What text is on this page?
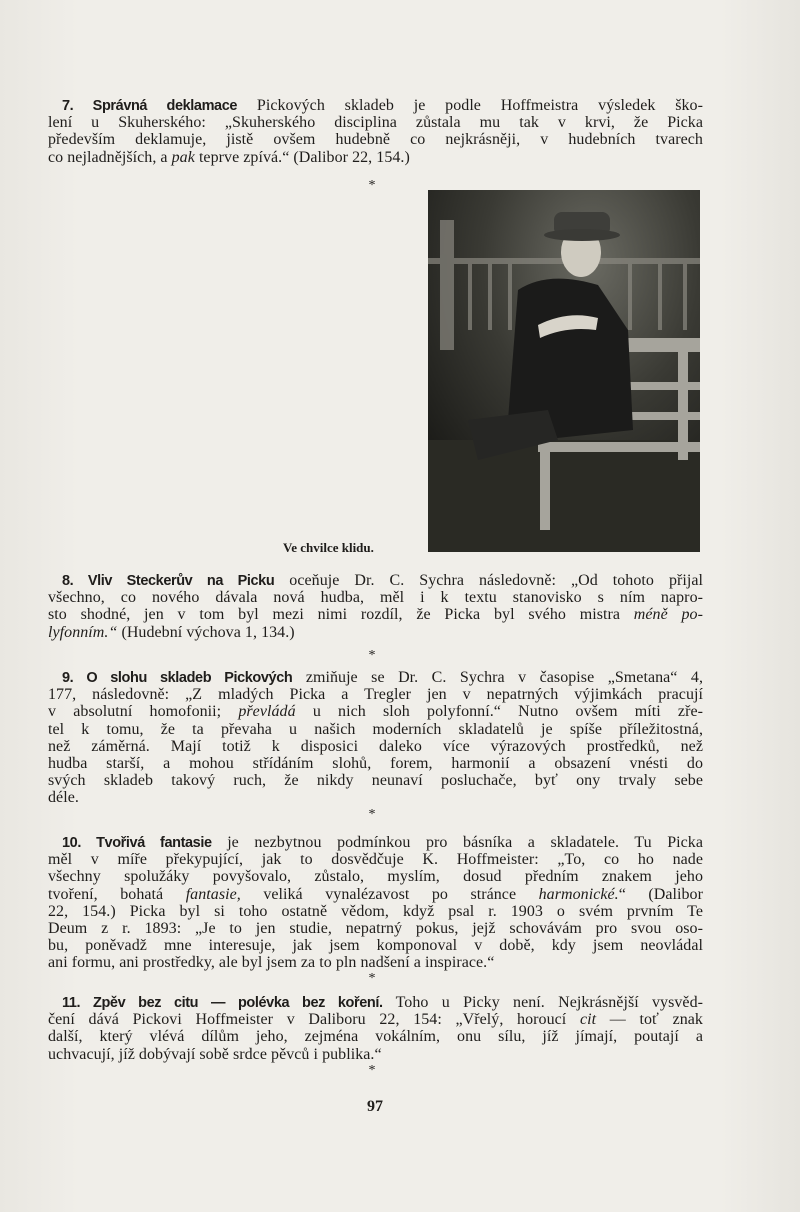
7. Správná deklamace Pickových skladeb je podle Hoffmeistra výsledek ško-
lení u Skuherského: „Skuherského disciplina zůstala mu tak v krvi, že Picka
především deklamuje, jistě ovšem hudebně co nejkrásněji, v hudebních tvarech
co nejladnějších, a pak teprve zpívá.“ (Dalibor 22, 154.)
*
Ve chvilce klidu.
8. Vliv Steckerův na Picku oceňuje Dr. C. Sychra následovně: „Od tohoto přijal
všechno, co nového dávala nová hudba, měl i k textu stanovisko s ním napro-
sto shodné, jen v tom byl mezi nimi rozdíl, že Picka byl svého mistra méně po-
lyfonním.“ (Hudební výchova 1, 134.)
*
9. O slohu skladeb Pickových zmiňuje se Dr. C. Sychra v časopise „Smetana“ 4,
177, následovně: „Z mladých Picka a Tregler jen v nepatrných výjimkách pracují
v absolutní homofonii; převládá u nich sloh polyfonní.“ Nutno ovšem míti zře-
tel k tomu, že ta převaha u našich moderních skladatelů je spíše příležitostná,
než záměrná. Mají totiž k disposici daleko více výrazových prostředků, než
hudba starší, a mohou střídáním slohů, forem, harmonií a obsazení vnésti do
svých skladeb takový ruch, že nikdy neunaví posluchače, byť ony trvaly sebe
déle.
*
10. Tvořivá fantasie je nezbytnou podmínkou pro básníka a skladatele. Tu Picka
měl v míře překypující, jak to dosvědčuje K. Hoffmeister: „To, co ho nade
všechny spolužáky povyšovalo, zůstalo, myslím, dosud předním znakem jeho
tvoření, bohatá fantasie, veliká vynalézavost po stránce harmonické.“ (Dalibor
22, 154.) Picka byl si toho ostatně vědom, když psal r. 1903 o svém prvním Te
Deum z r. 1893: „Je to jen studie, nepatrný pokus, jejž schovávám pro svou oso-
bu, poněvadž mne interesuje, jak jsem komponoval v době, kdy jsem neovládal
ani formu, ani prostředky, ale byl jsem za to pln nadšení a inspirace.“
*
11. Zpěv bez citu — polévka bez koření. Toho u Picky není. Nejkrásnější vysvěd-
čení dává Pickovi Hoffmeister v Daliboru 22, 154: „Vřelý, horoucí cit — toť znak
další, který vlévá dílům jeho, zejména vokálním, onu sílu, jíž jímají, poutají a
uchvacují, jíž dobývají sobě srdce pěvců i publika.“
*
97
